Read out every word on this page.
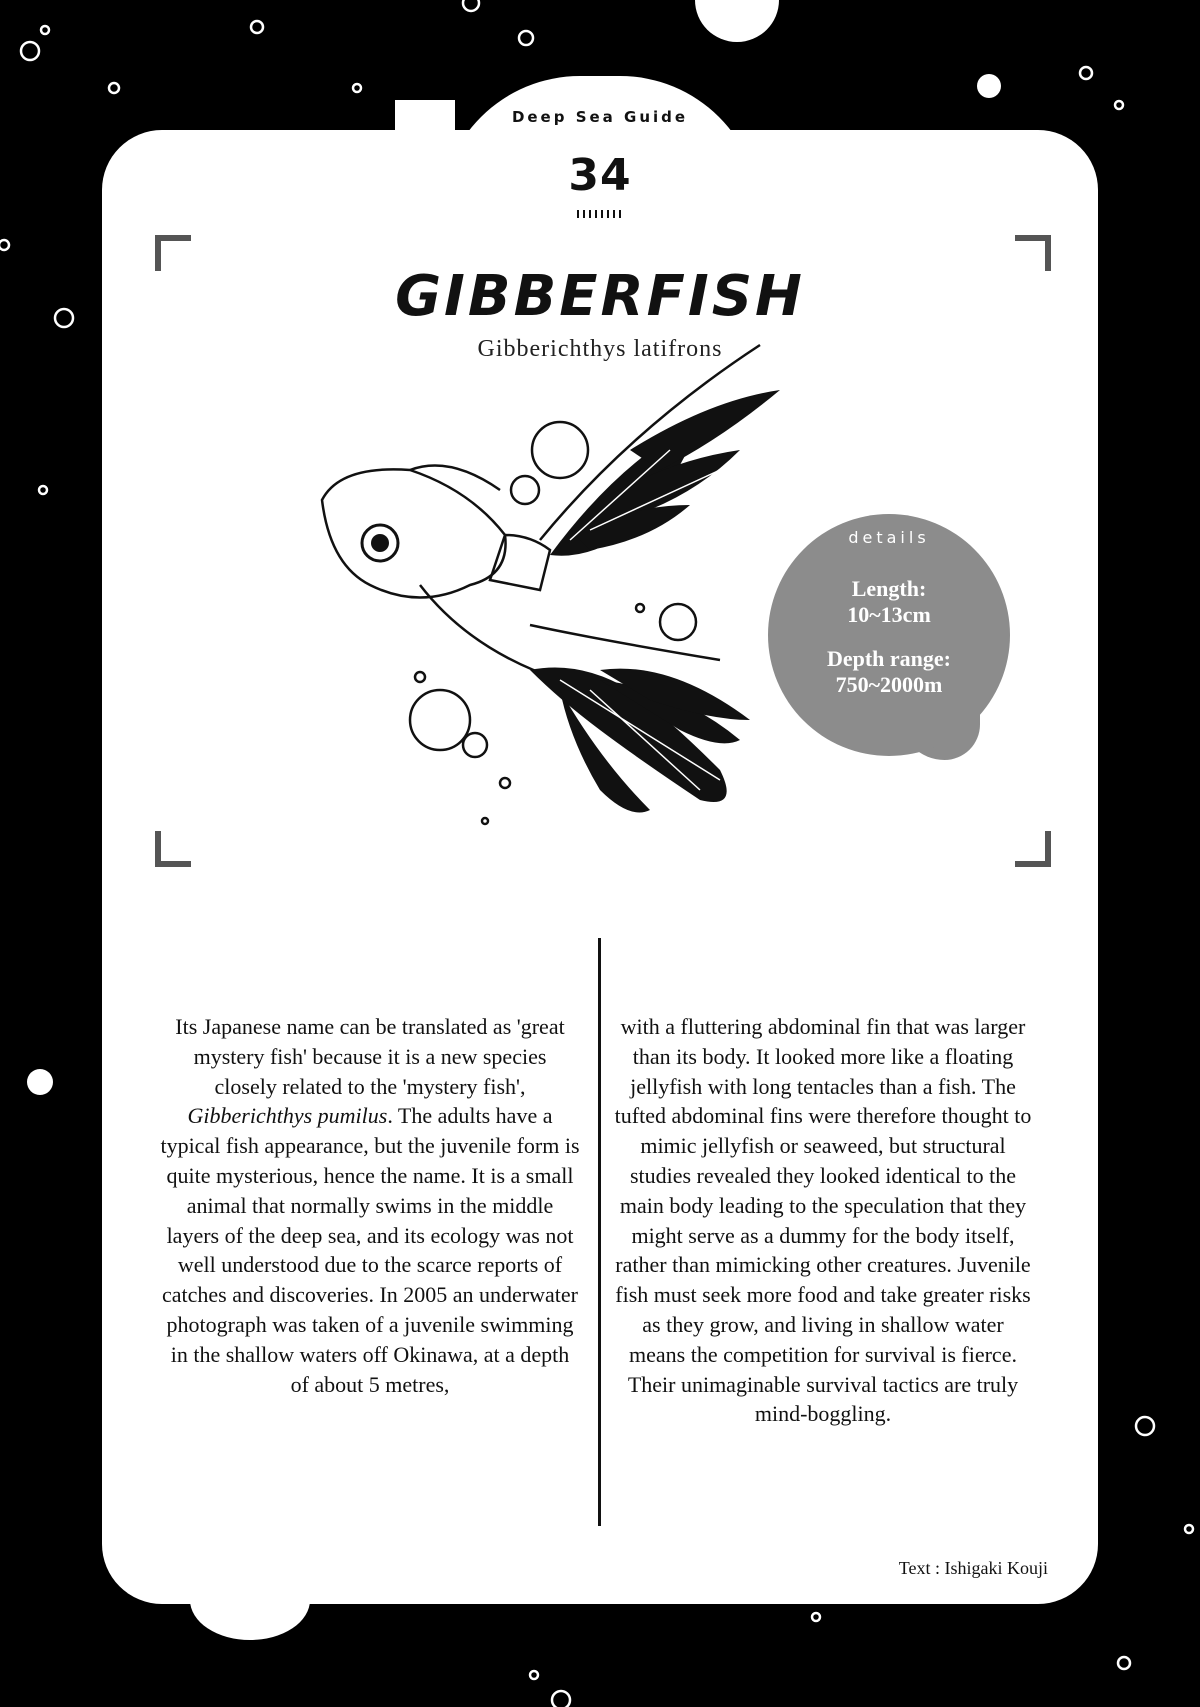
Deep Sea Guide
34
GIBBERFISH
Gibberichthys latifrons
details
Length:
10~13cm
Depth range:
750~2000m
Its Japanese name can be translated as 'great mystery fish' because it is a new species closely related to the 'mystery fish', Gibberichthys pumilus. The adults have a typical fish appearance, but the juvenile form is quite mysterious, hence the name. It is a small animal that normally swims in the middle layers of the deep sea, and its ecology was not well understood due to the scarce reports of catches and discoveries. In 2005 an underwater photograph was taken of a juvenile swimming in the shallow waters off Okinawa, at a depth of about 5 metres,
with a fluttering abdominal fin that was larger than its body. It looked more like a floating jellyfish with long tentacles than a fish. The tufted abdominal fins were therefore thought to mimic jellyfish or seaweed, but structural studies revealed they looked identical to the main body leading to the speculation that they might serve as a dummy for the body itself, rather than mimicking other creatures. Juvenile fish must seek more food and take greater risks as they grow, and living in shallow water means the competition for survival is fierce. Their unimaginable survival tactics are truly mind-boggling.
Text : Ishigaki Kouji
